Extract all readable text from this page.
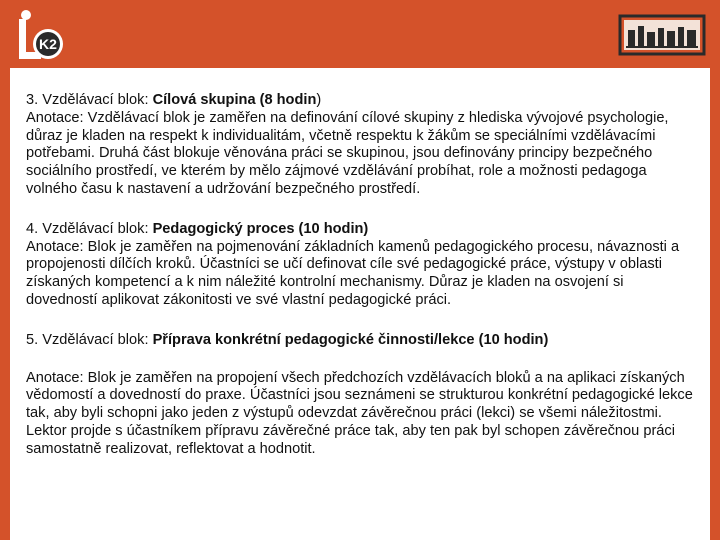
K2

3. Vzdělávací blok: Cílová skupina (8 hodin)

Anotace: Vzdělávací blok je zaměřen na definování cílové skupiny z hlediska vývojové psychologie, důraz je kladen na respekt k individualitám, včetně respektu k žákům se speciálními vzdělávacími potřebami. Druhá část blokuje věnována práci se skupinou, jsou definovány principy bezpečného sociálního prostředí, ve kterém by mělo zájmové vzdělávání probíhat, role a možnosti pedagoga volného času k nastavení a udržování bezpečného prostředí.

4. Vzdělávací blok: Pedagogický proces (10 hodin)

Anotace: Blok je zaměřen na pojmenování základních kamenů pedagogického procesu, návaznosti a propojenosti dílčích kroků. Účastníci se učí definovat cíle své pedagogické práce, výstupy v oblasti získaných kompetencí a k nim náležité kontrolní mechanismy. Důraz je kladen na osvojení si dovedností aplikovat zákonitosti ve své vlastní pedagogické práci.

5. Vzdělávací blok: Příprava konkrétní pedagogické činnosti/lekce (10 hodin)

Anotace: Blok je zaměřen na propojení všech předchozích vzdělávacích bloků a na aplikaci získaných vědomostí a dovedností do praxe. Účastníci jsou seznámeni se strukturou konkrétní pedagogické lekce tak, aby byli schopni jako jeden z výstupů odevzdat závěrečnou práci (lekci) se všemi náležitostmi. Lektor projde s účastníkem přípravu závěrečné práce tak, aby ten pak byl schopen závěrečnou práci samostatně realizovat, reflektovat a hodnotit.
